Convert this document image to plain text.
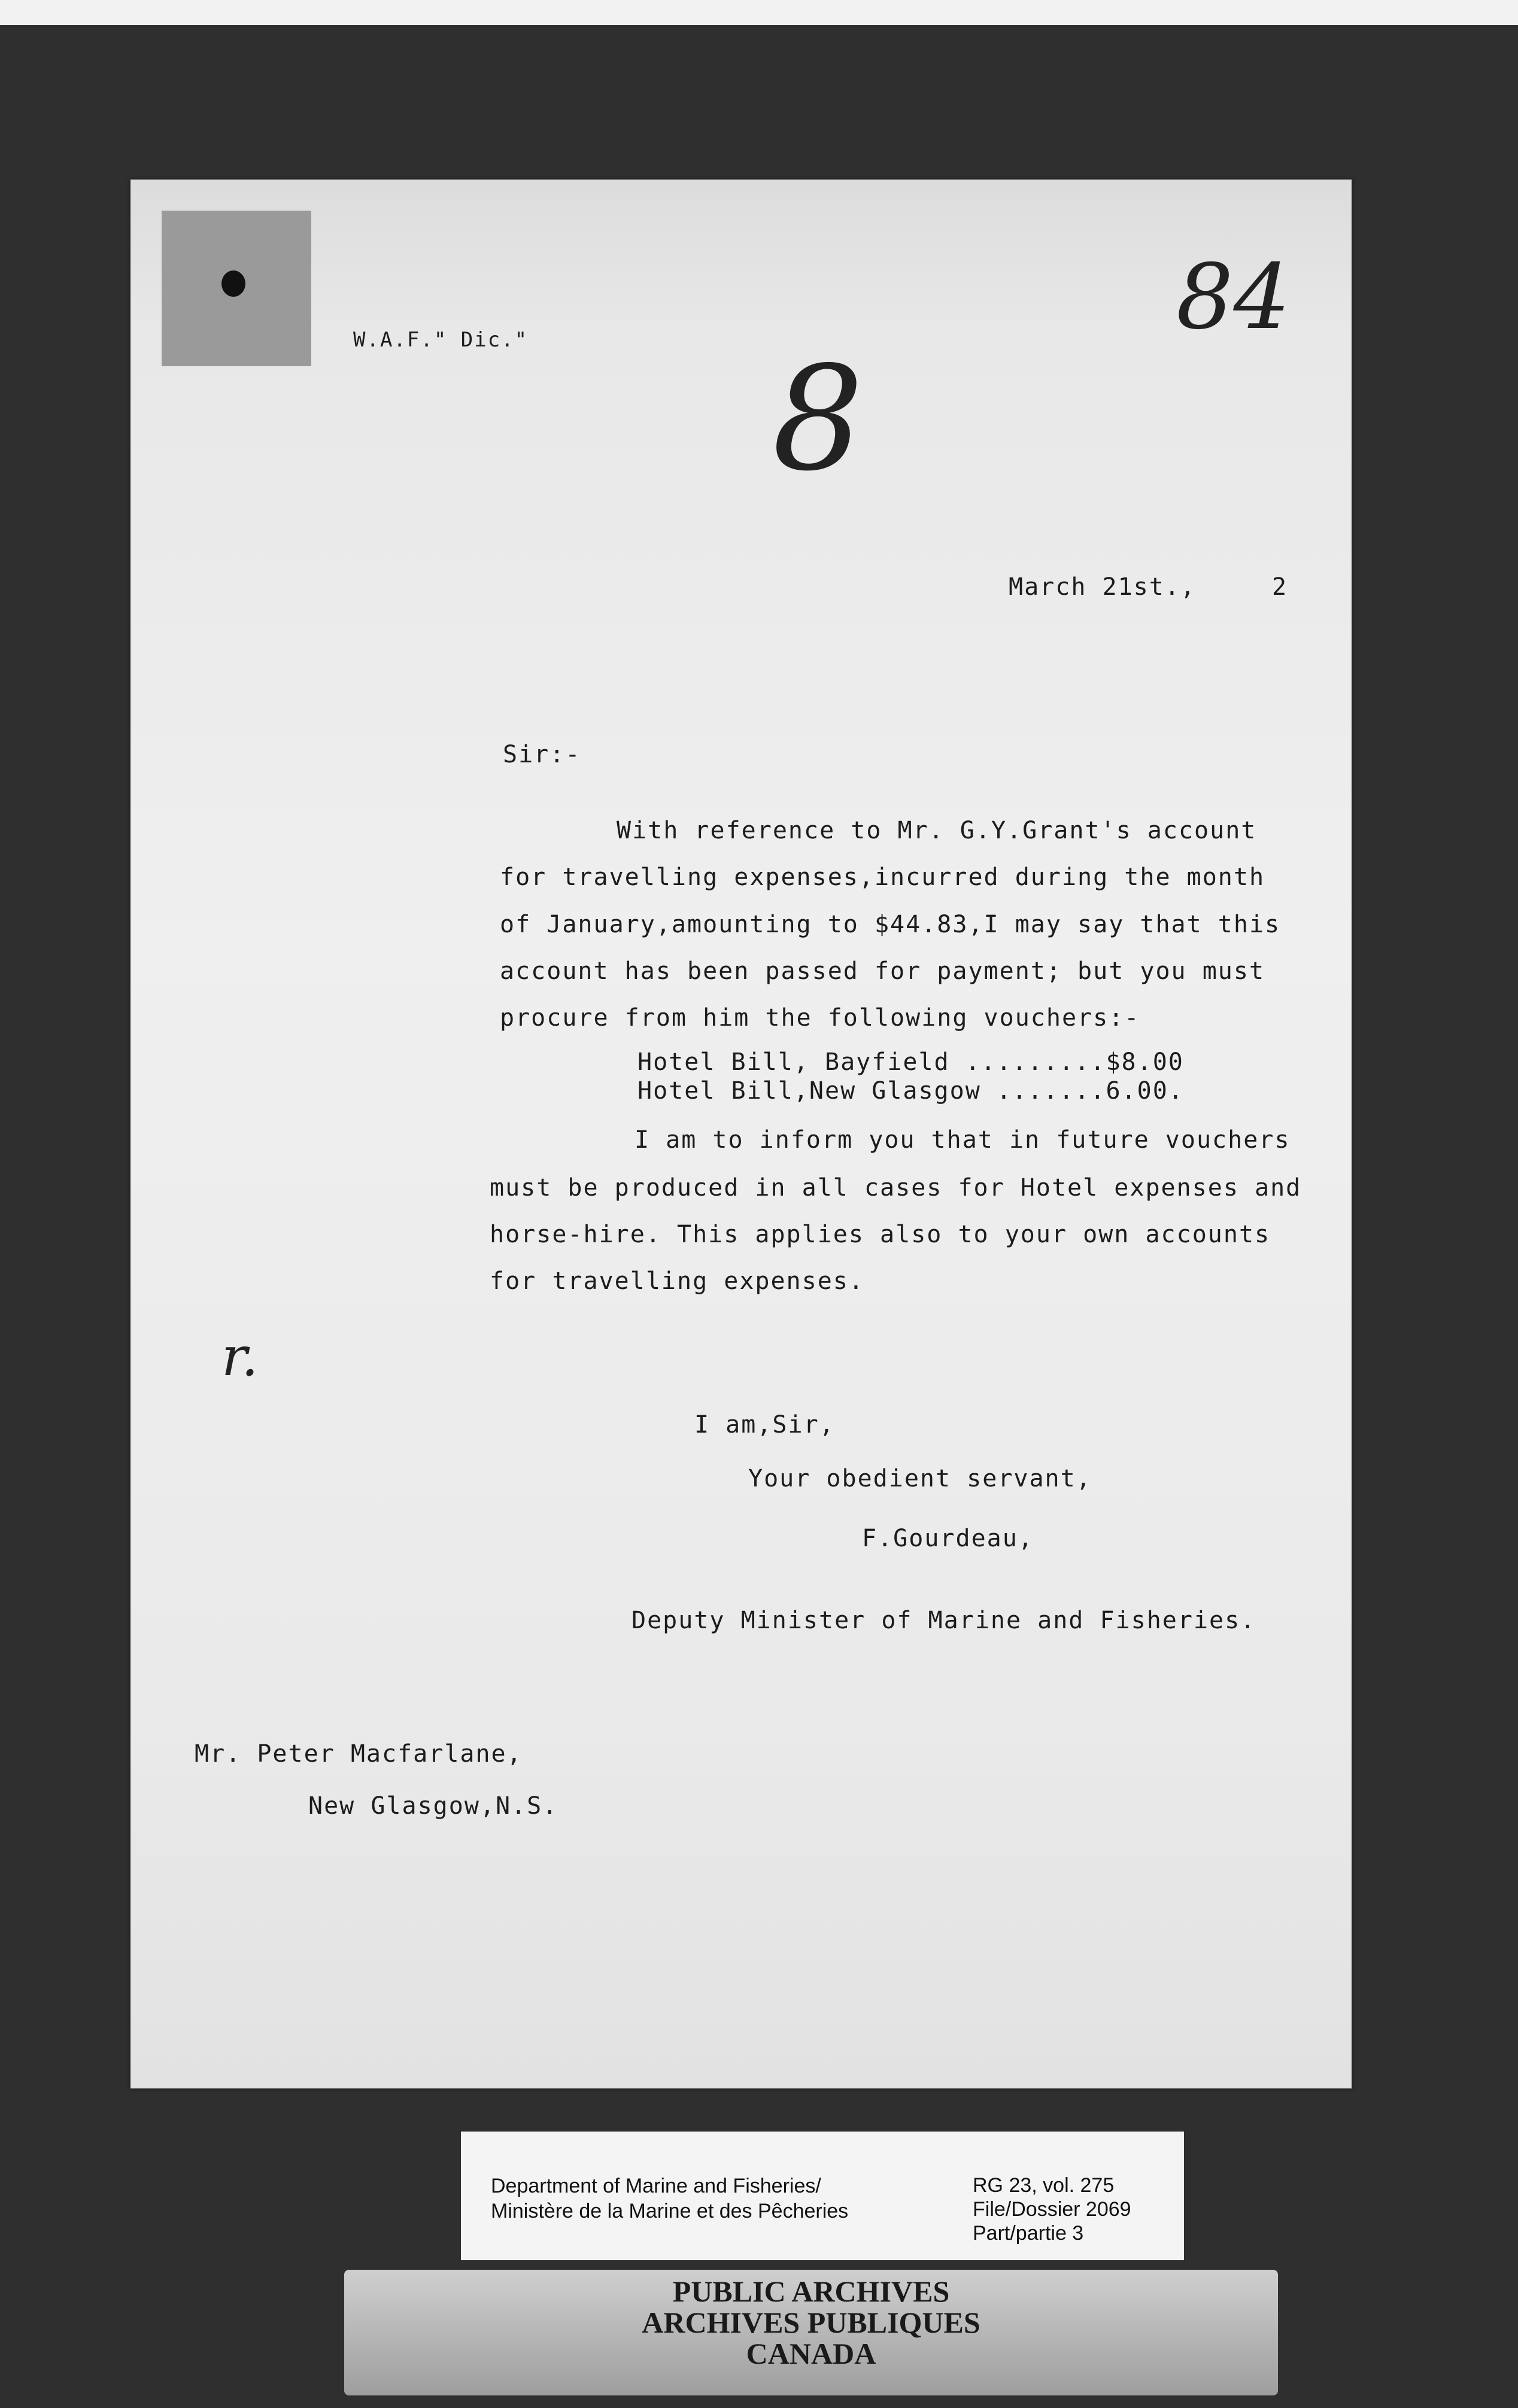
W.A.F." Dic."	84
8
March 21st.,	2
Sir:-
With reference to Mr. G.Y.Grant's account
for travelling expenses,incurred during the month
of January,amounting to $44.83,I may say that this
account has been passed for payment; but you must
procure from him the following vouchers:-
Hotel Bill, Bayfield .........$8.00
Hotel Bill,New Glasgow .......6.00.
I am to inform you that in future vouchers
must be produced in all cases for Hotel expenses and
horse-hire. This applies also to your own accounts
for travelling expenses.
r.
I am,Sir,
Your obedient servant,
F.Gourdeau,
Deputy Minister of Marine and Fisheries.
Mr. Peter Macfarlane,
New Glasgow,N.S.
Department of Marine and Fisheries/
Ministère de la Marine et des Pêcheries
RG 23, vol. 275
File/Dossier 2069
Part/partie 3
PUBLIC ARCHIVES
ARCHIVES PUBLIQUES
CANADA
